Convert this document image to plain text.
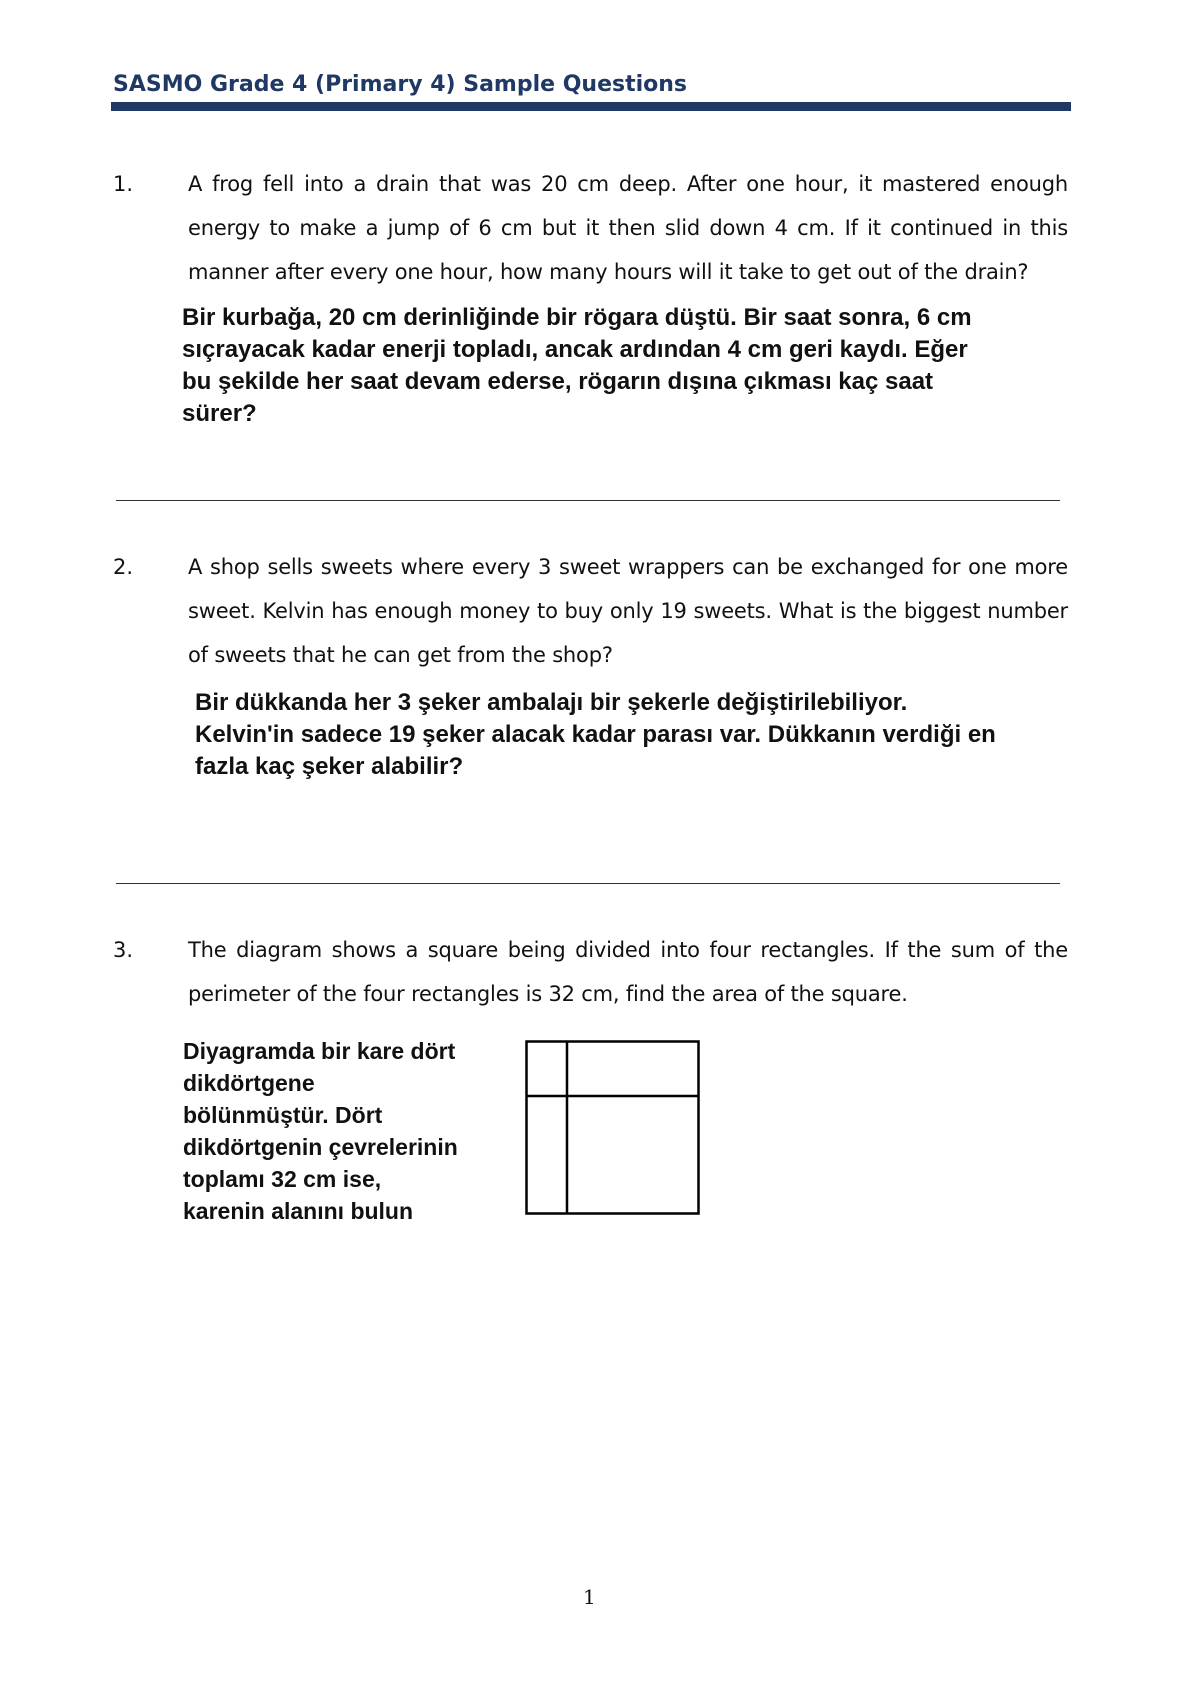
SASMO Grade 4 (Primary 4) Sample Questions
1.	A frog fell into a drain that was 20 cm deep. After one hour, it mastered enough energy to make a jump of 6 cm but it then slid down 4 cm. If it continued in this manner after every one hour, how many hours will it take to get out of the drain?
Bir kurbağa, 20 cm derinliğinde bir rögara düştü. Bir saat sonra, 6 cm
sıçrayacak kadar enerji topladı, ancak ardından 4 cm geri kaydı. Eğer
bu şekilde her saat devam ederse, rögarın dışına çıkması kaç saat
sürer?
2.	A shop sells sweets where every 3 sweet wrappers can be exchanged for one more sweet. Kelvin has enough money to buy only 19 sweets. What is the biggest number of sweets that he can get from the shop?
Bir dükkanda her 3 şeker ambalajı bir şekerle değiştirilebiliyor.
Kelvin'in sadece 19 şeker alacak kadar parası var. Dükkanın verdiği en
fazla kaç şeker alabilir?
3.	The diagram shows a square being divided into four rectangles. If the sum of the perimeter of the four rectangles is 32 cm, find the area of the square.
Diyagramda bir kare dört
dikdörtgene
bölünmüştür. Dört
dikdörtgenin çevrelerinin
toplamı 32 cm ise,
karenin alanını bulun
1
